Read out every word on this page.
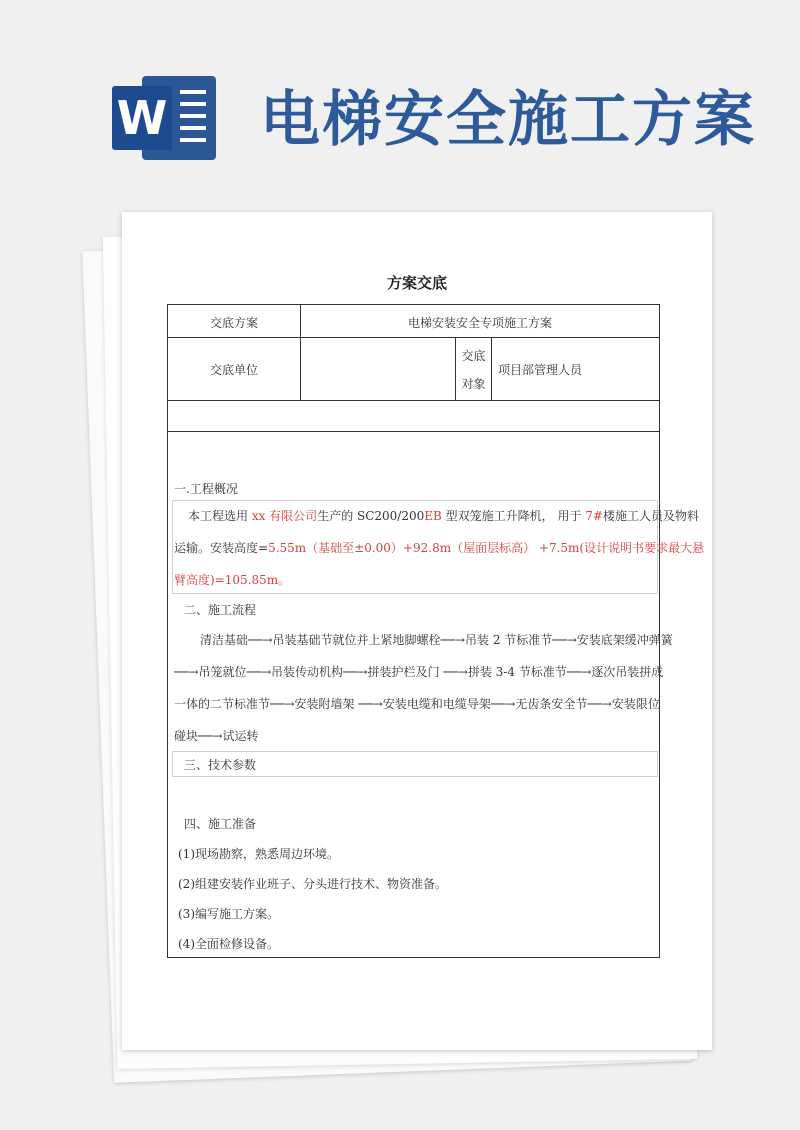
W 电梯安全施工方案
方案交底
交底方案	电梯安装安全专项施工方案
交底单位
交底
对象
项目部管理人员
一.工程概况
本工程选用 xx 有限公司生产的 SC200/200EB 型双笼施工升降机， 用于 7#楼施工人员及物料
运输。安装高度=5.55m（基础至±0.00）+92.8m（屋面层标高） +7.5m(设计说明书要求最大悬
臂高度)=105.85m。
二、施工流程
清洁基础──→吊装基础节就位并上紧地脚螺栓──→吊装 2 节标准节──→安装底架缓冲弹簧
──→吊笼就位──→吊装传动机构──→拼装护栏及门 ──→拼装 3-4 节标准节──→逐次吊装拼成
一体的二节标准节──→安装附墙架 ──→安装电缆和电缆导架──→无齿条安全节──→安装限位
碰块──→试运转
三、技术参数
四、施工准备
(1)现场勘察，熟悉周边环境。
(2)组建安装作业班子、分头进行技术、物资准备。
(3)编写施工方案。
(4)全面检修设备。
